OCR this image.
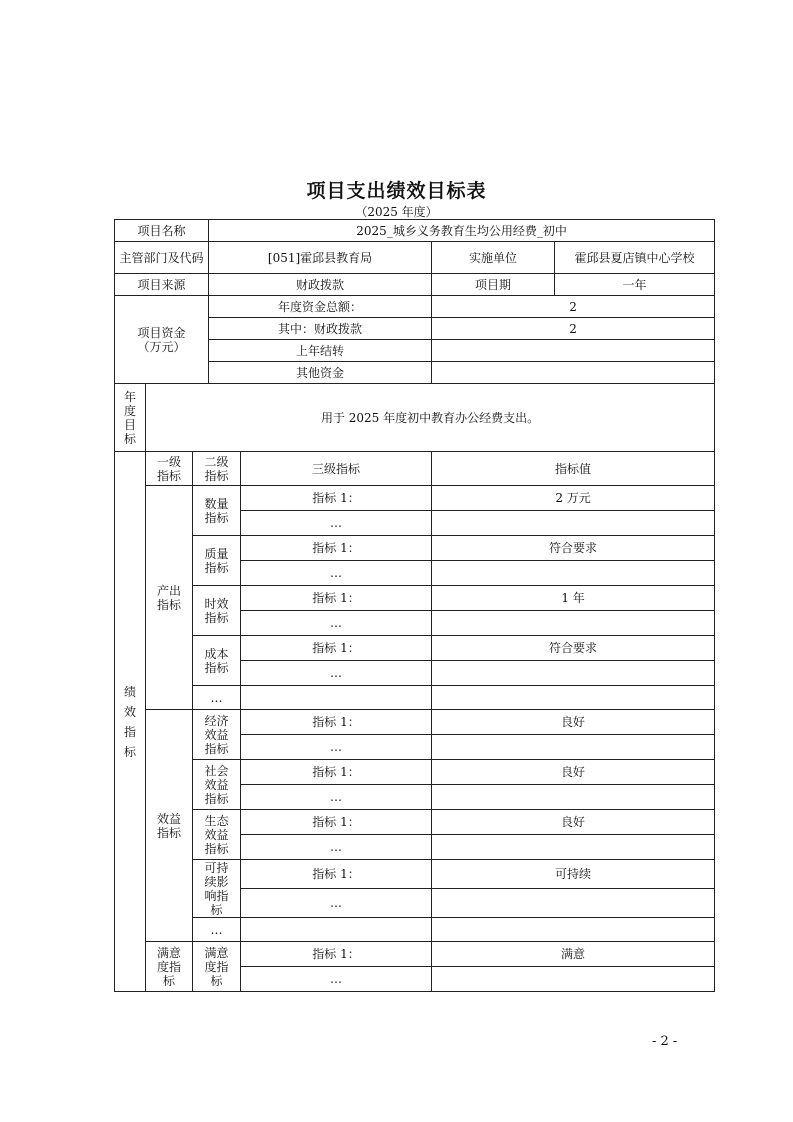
项目支出绩效目标表
（2025 年度）
项目名称			2025_城乡义务教育生均公用经费_初中			
主管部门及代码			[051]霍邱县教育局		实施单位	霍邱县夏店镇中心学校
项目来源			财政拨款		项目期	一年
项目资金（万元）			年度资金总额：		2	
			其中：财政拨款		2	
			上年结转			
			其他资金			

年度目标	用于 2025 年度初中教育办公经费支出。					

绩效指标	一级指标	二级指标		三级指标	指标值	

	产出指标	数量指标		指标 1：	2 万元	
				…		

		质量指标		指标 1：	符合要求	
				…		

		时效指标		指标 1：	1 年	
				…		

		成本指标		指标 1：	符合要求	
				…		
		…				

	效益指标	经济效益指标		指标 1：	良好	
				…		

		社会效益指标		指标 1：	良好	
				…		

		生态效益指标		指标 1：	良好	
				…		

		可持续影响指标		指标 1：	可持续	
				…		
		…				

	满意度指标	满意度指标		指标 1：	满意	
				…		
- 2 -
